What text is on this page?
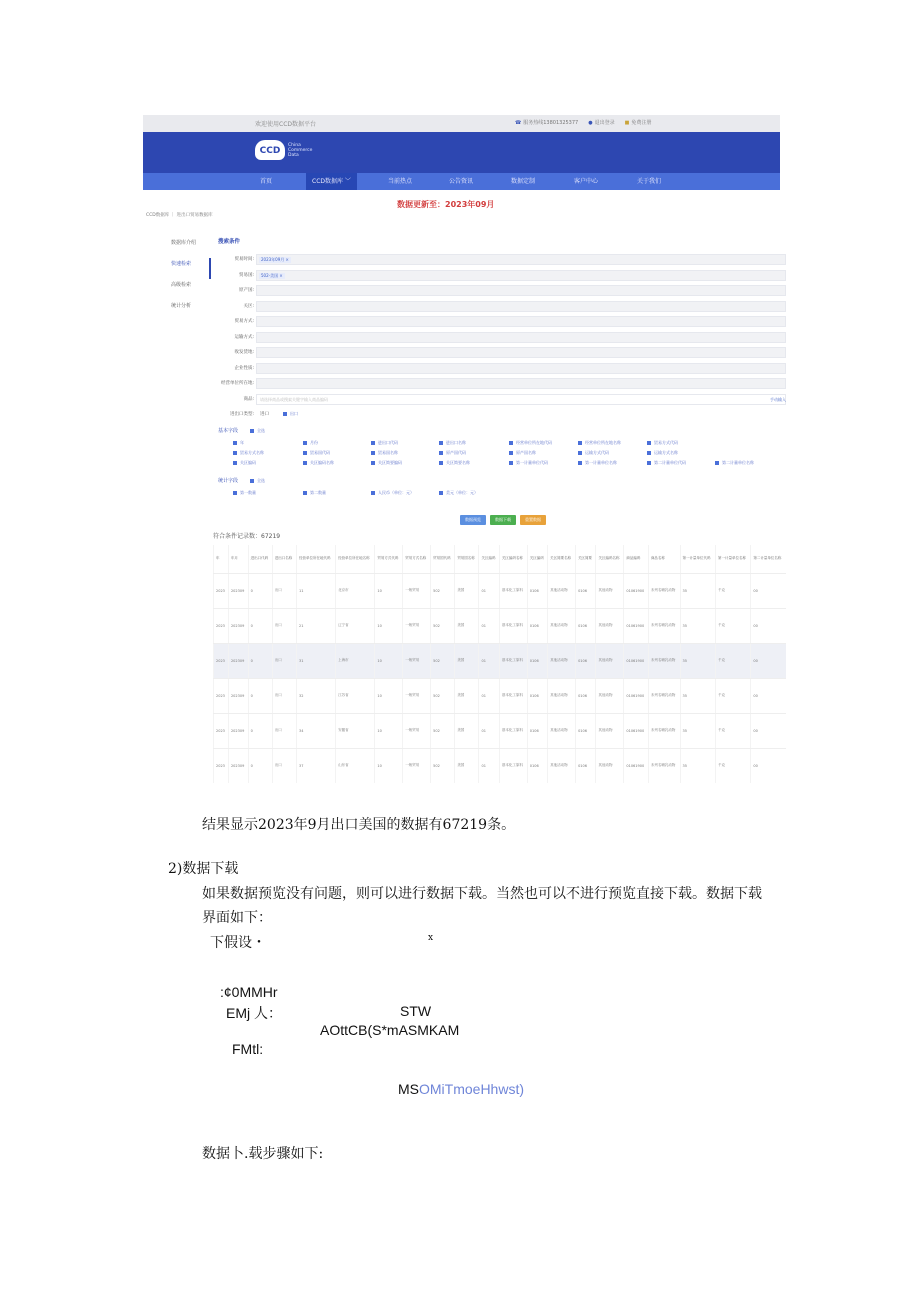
欢迎使用CCD数据平台	☎ 服务热线13801325377 ● 退出登录 ■ 免费注册
CCD
China
Commerce
Data
首页	CCD数据库 ﹀	当前热点	公告资讯	数据定制	客户中心	关于我们
数据更新至：2023年09月
CCD数据库 ｜ 进出口贸易数据库
数据库介绍
快速检索
高级检索
统计分析
搜索条件
贸易时间:	2023年09月 ×
贸易国:	502-美国 ×
原产国:
关区:
贸易方式:
运输方式:
收发货地:
企业性质:
经营单位所在地:
商品: 请选择商品或搜索关键字输入商品编码	手动输入
进出口类型: 进口	出口
基本字段	全选
年	月份	进出口代码	进出口名称	经营单位所在地代码	经营单位所在地名称	贸易方式代码
贸易方式名称	贸易国代码	贸易国名称	原产国代码	原产国名称	运输方式代码	运输方式名称
关区编码	关区编码名称	关区简要编码	关区简要名称	第一计量单位代码	第一计量单位名称	第二计量单位代码	第二计量单位名称
统计字段	全选
第一数量	第二数量	人民币（单位：元）	美元（单位：元）
数据预览	数据下载	重置数据
符合条件记录数：67219
年	年月	进出口代码	进出口名称	经营单位所在地代码	经营单位所在地名称	贸易方式代码	贸易方式名称	贸易国代码	贸易国名称	关区编码	关区编码名称	关区编码	关区简要名称	关区简要	关区编码名称	商品编码	商品名称	第一计量单位代码	第一计量单位名称	第二计量单位名称
2023	202309	0	出口	11	北京市	10	一般贸易	502	美国	01	基本化工原料	0106	其他活动物	0106	其他动物	01061900	未列名哺乳动物	35	千克	00
2023	202309	0	出口	21	辽宁省	10	一般贸易	502	美国	01	基本化工原料	0106	其他活动物	0106	其他动物	01061900	未列名哺乳动物	35	千克	00
2023	202309	0	出口	31	上海市	10	一般贸易	502	美国	01	基本化工原料	0106	其他活动物	0106	其他动物	01061900	未列名哺乳动物	35	千克	00
2023	202309	0	出口	32	江苏省	10	一般贸易	502	美国	01	基本化工原料	0106	其他活动物	0106	其他动物	01061900	未列名哺乳动物	35	千克	00
2023	202309	0	出口	34	安徽省	10	一般贸易	502	美国	01	基本化工原料	0106	其他活动物	0106	其他动物	01061900	未列名哺乳动物	35	千克	00
2023	202309	0	出口	37	山东省	10	一般贸易	502	美国	01	基本化工原料	0106	其他活动物	0106	其他动物	01061900	未列名哺乳动物	35	千克	00
结果显示2023年9月出口美国的数据有67219条。
2)数据下载
如果数据预览没有问题，则可以进行数据下载。当然也可以不进行预览直接下载。数据下载
界面如下：
下假设・	x
:¢0MMHr
EMj 人：	STW
AOttCB(S*mASMKAM
FMtl:
MSOMiTmoeHhwst)
数据卜.载步骤如下:
